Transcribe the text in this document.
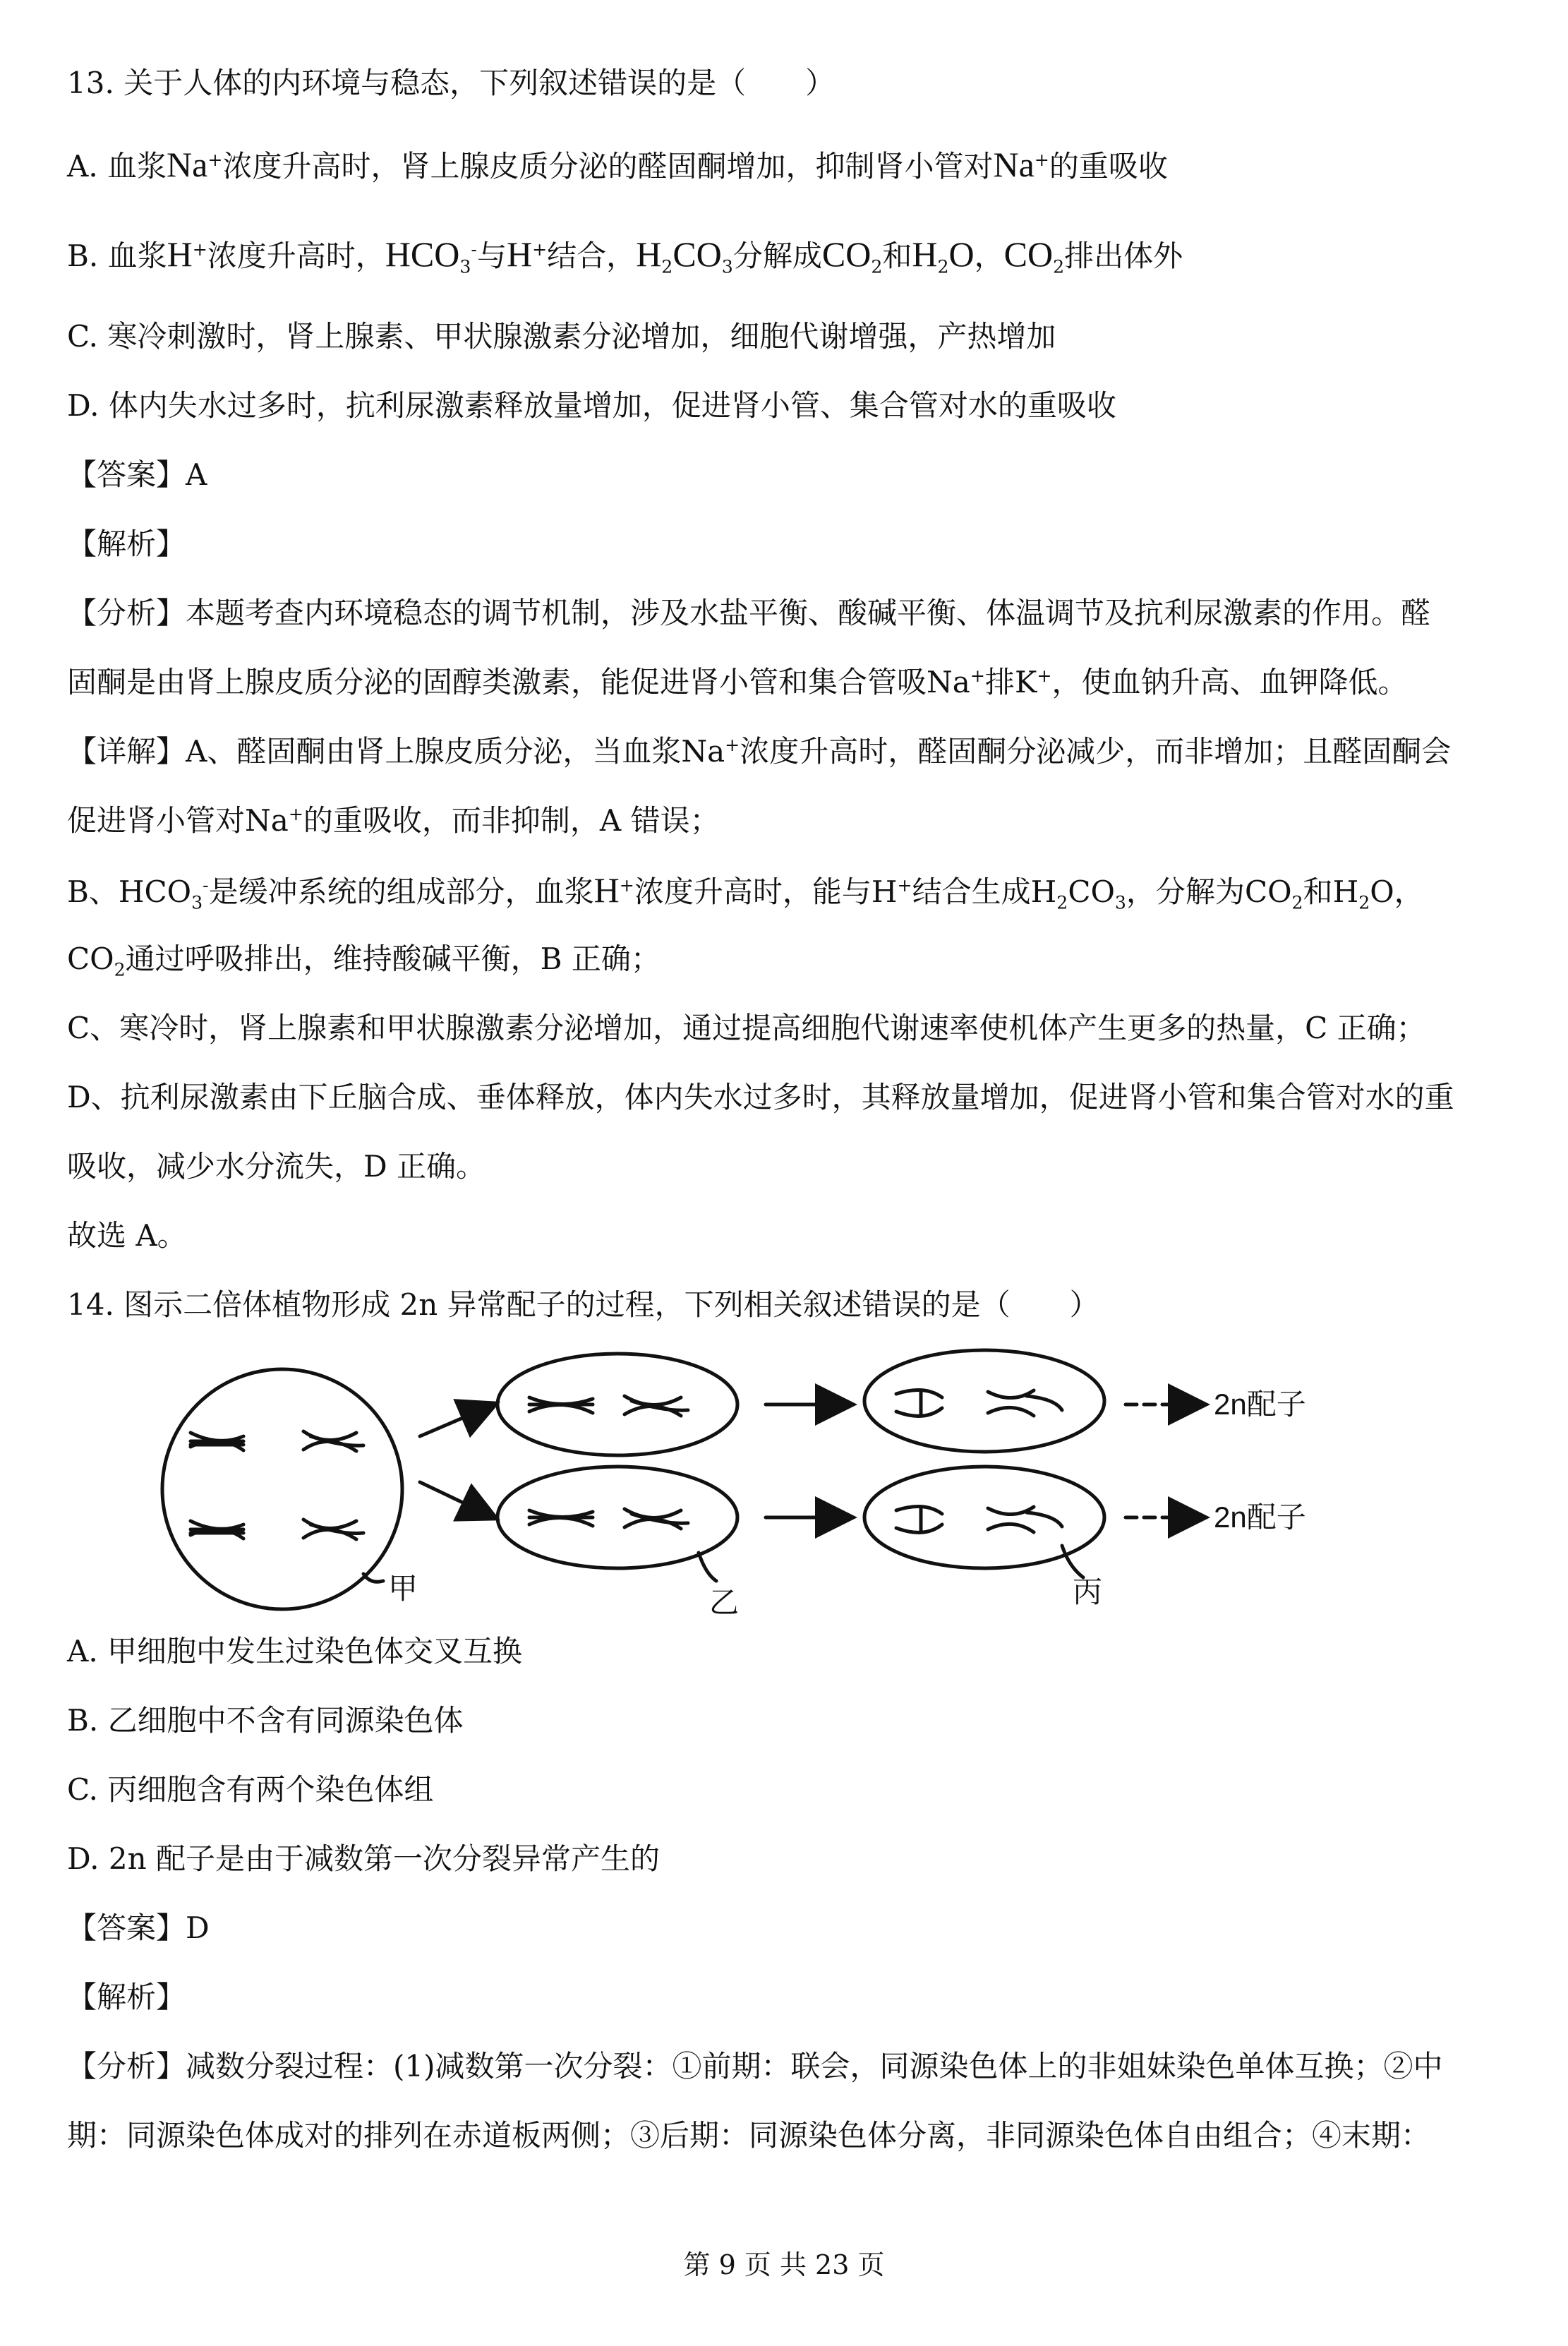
13. 关于人体的内环境与稳态，下列叙述错误的是（　　）
A. 血浆Na+浓度升高时，肾上腺皮质分泌的醛固酮增加，抑制肾小管对Na+的重吸收
B. 血浆H+浓度升高时，$HCO_3^-$与H+结合，$H_2CO_3$分解成$CO_2$和$H_2O$，$CO_2$排出体外
C. 寒冷刺激时，肾上腺素、甲状腺激素分泌增加，细胞代谢增强，产热增加
D. 体内失水过多时，抗利尿激素释放量增加，促进肾小管、集合管对水的重吸收
【答案】A
【解析】
【分析】本题考查内环境稳态的调节机制，涉及水盐平衡、酸碱平衡、体温调节及抗利尿激素的作用。醛
固酮是由肾上腺皮质分泌的固醇类激素，能促进肾小管和集合管吸Na+排K+，使血钠升高、血钾降低。
【详解】A、醛固酮由肾上腺皮质分泌，当血浆Na+浓度升高时，醛固酮分泌减少，而非增加；且醛固酮会
促进肾小管对Na+的重吸收，而非抑制，A 错误；
B、$HCO_3^-$是缓冲系统的组成部分，血浆H+浓度升高时，能与H+结合生成$H_2CO_3$，分解为$CO_2$和$H_2O$，
$CO_2$通过呼吸排出，维持酸碱平衡，B 正确；
C、寒冷时，肾上腺素和甲状腺激素分泌增加，通过提高细胞代谢速率使机体产生更多的热量，C 正确；
D、抗利尿激素由下丘脑合成、垂体释放，体内失水过多时，其释放量增加，促进肾小管和集合管对水的重
吸收，减少水分流失，D 正确。
故选 A。
14. 图示二倍体植物形成 2n 异常配子的过程，下列相关叙述错误的是（　　）
2n配子
2n配子
甲	乙	丙
A. 甲细胞中发生过染色体交叉互换
B. 乙细胞中不含有同源染色体
C. 丙细胞含有两个染色体组
D. 2n 配子是由于减数第一次分裂异常产生的
【答案】D
【解析】
【分析】减数分裂过程：(1)减数第一次分裂：①前期：联会，同源染色体上的非姐妹染色单体互换；②中
期：同源染色体成对的排列在赤道板两侧；③后期：同源染色体分离，非同源染色体自由组合；④末期：
第 9 页 共 23 页
